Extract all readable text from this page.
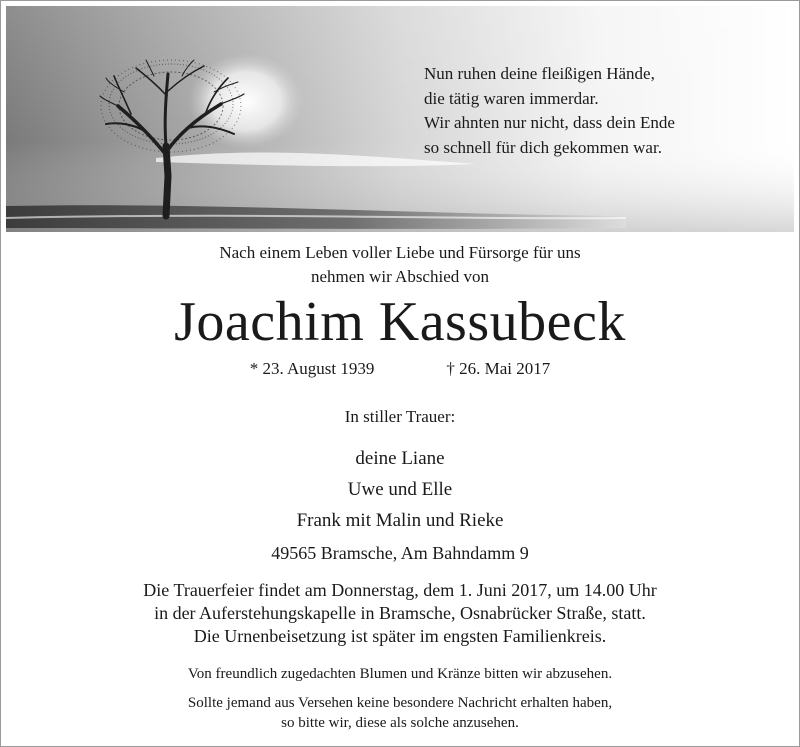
Nun ruhen deine fleißigen Hände,
die tätig waren immerdar.
Wir ahnten nur nicht, dass dein Ende
so schnell für dich gekommen war.
Nach einem Leben voller Liebe und Fürsorge für uns
nehmen wir Abschied von
Joachim Kassubeck
* 23. August 1939	† 26. Mai 2017
In stiller Trauer:
deine Liane
Uwe und Elle
Frank mit Malin und Rieke
49565 Bramsche, Am Bahndamm 9
Die Trauerfeier findet am Donnerstag, dem 1. Juni 2017, um 14.00 Uhr
in der Auferstehungskapelle in Bramsche, Osnabrücker Straße, statt.
Die Urnenbeisetzung ist später im engsten Familienkreis.
Von freundlich zugedachten Blumen und Kränze bitten wir abzusehen.
Sollte jemand aus Versehen keine besondere Nachricht erhalten haben,
so bitte wir, diese als solche anzusehen.
